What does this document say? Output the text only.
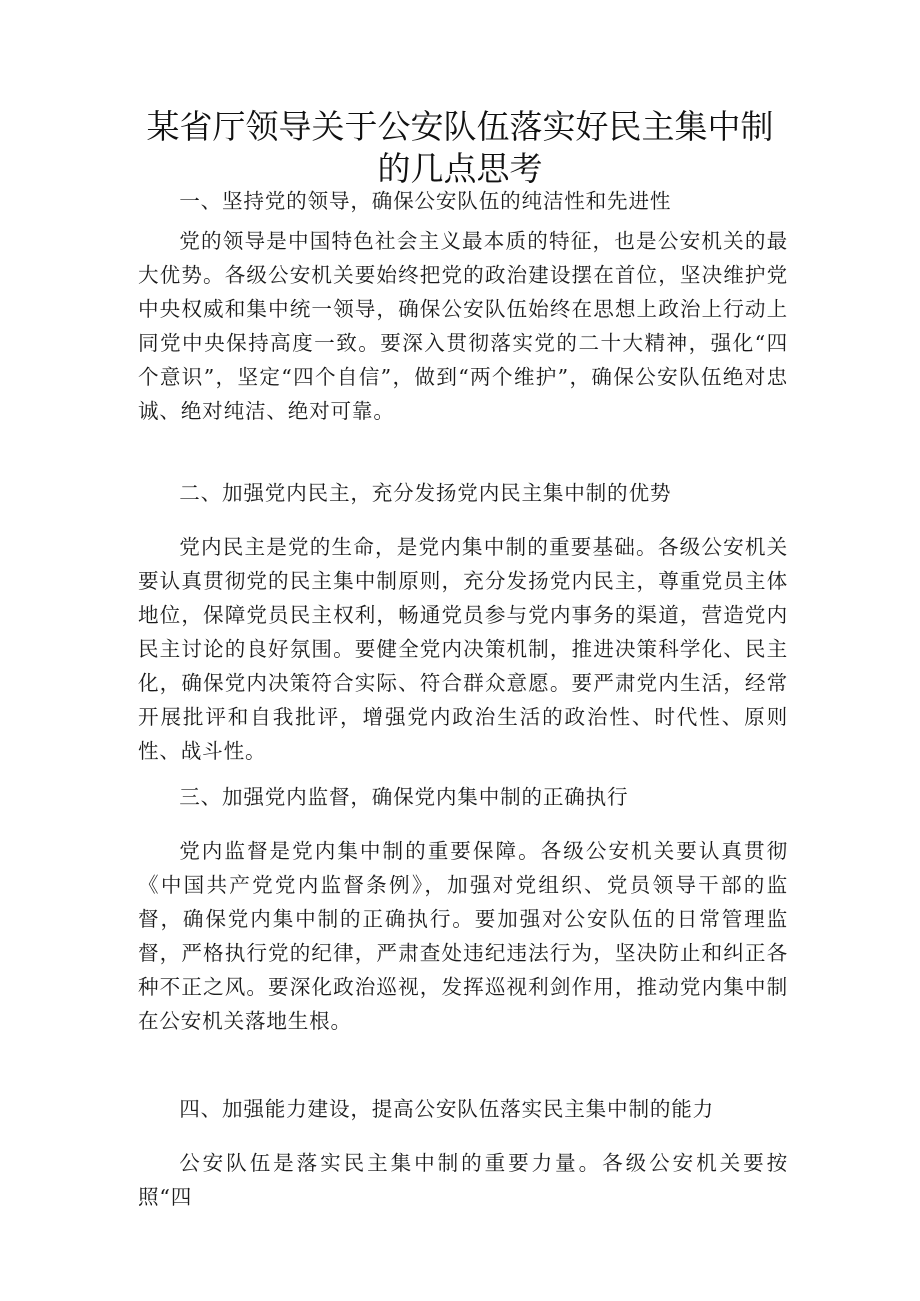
某省厅领导关于公安队伍落实好民主集中制
的几点思考

一、坚持党的领导，确保公安队伍的纯洁性和先进性

党的领导是中国特色社会主义最本质的特征，也是公安机关的最大优势。各级公安机关要始终把党的政治建设摆在首位，坚决维护党中央权威和集中统一领导，确保公安队伍始终在思想上政治上行动上同党中央保持高度一致。要深入贯彻落实党的二十大精神，强化“四个意识”，坚定“四个自信”，做到“两个维护”，确保公安队伍绝对忠诚、绝对纯洁、绝对可靠。

二、加强党内民主，充分发扬党内民主集中制的优势

党内民主是党的生命，是党内集中制的重要基础。各级公安机关要认真贯彻党的民主集中制原则，充分发扬党内民主，尊重党员主体地位，保障党员民主权利，畅通党员参与党内事务的渠道，营造党内民主讨论的良好氛围。要健全党内决策机制，推进决策科学化、民主化，确保党内决策符合实际、符合群众意愿。要严肃党内生活，经常开展批评和自我批评，增强党内政治生活的政治性、时代性、原则性、战斗性。

三、加强党内监督，确保党内集中制的正确执行

党内监督是党内集中制的重要保障。各级公安机关要认真贯彻《中国共产党党内监督条例》，加强对党组织、党员领导干部的监督，确保党内集中制的正确执行。要加强对公安队伍的日常管理监督，严格执行党的纪律，严肃查处违纪违法行为，坚决防止和纠正各种不正之风。要深化政治巡视，发挥巡视利剑作用，推动党内集中制在公安机关落地生根。

四、加强能力建设，提高公安队伍落实民主集中制的能力

公安队伍是落实民主集中制的重要力量。各级公安机关要按照“四
